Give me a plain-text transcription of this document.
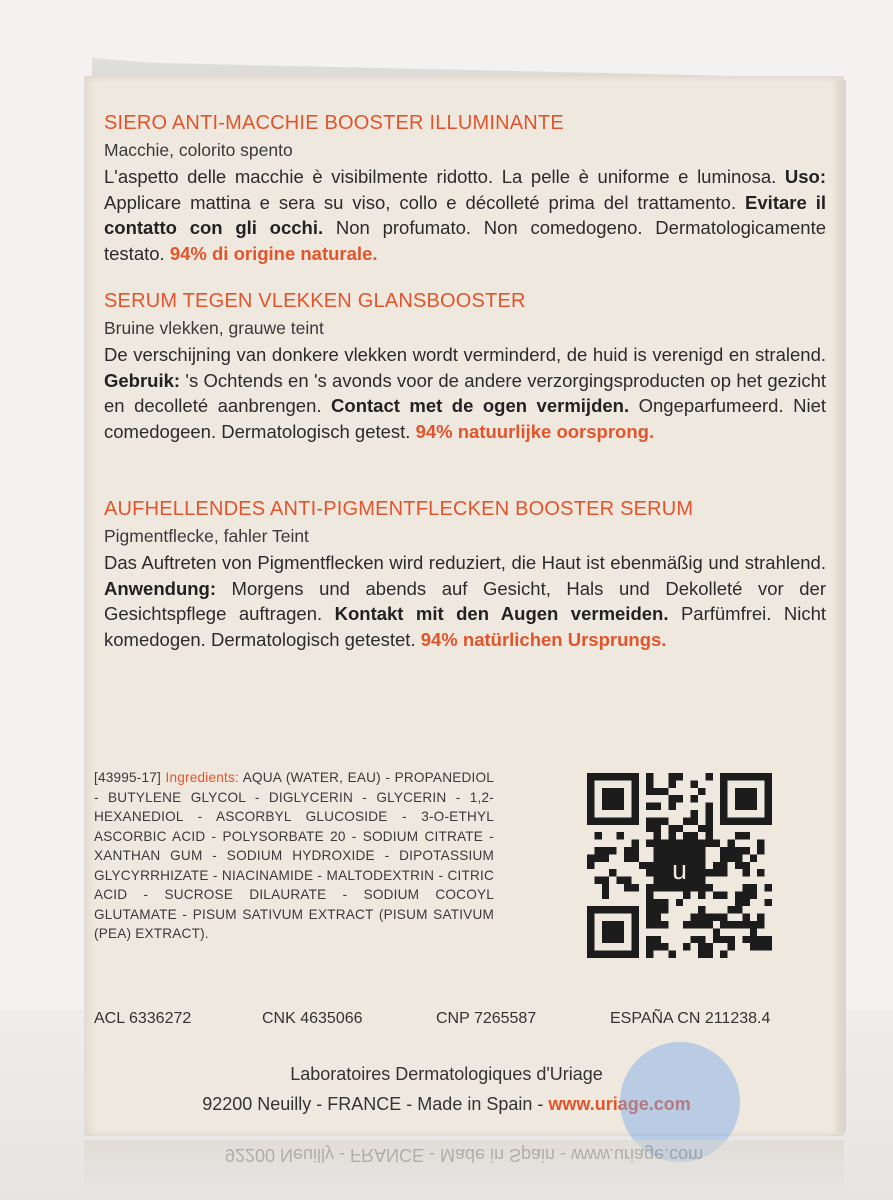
SIERO ANTI-MACCHIE BOOSTER ILLUMINANTE
Macchie, colorito spento

L'aspetto delle macchie è visibilmente ridotto. La pelle è uniforme e luminosa. Uso: Applicare mattina e sera su viso, collo e décolleté prima del trattamento. Evitare il contatto con gli occhi. Non profumato. Non comedogeno. Dermatologicamente testato. 94% di origine naturale.

SERUM TEGEN VLEKKEN GLANSBOOSTER
Bruine vlekken, grauwe teint

De verschijning van donkere vlekken wordt verminderd, de huid is verenigd en stralend. Gebruik: 's Ochtends en 's avonds voor de andere verzorgingsproducten op het gezicht en decolleté aanbrengen. Contact met de ogen vermijden. Ongeparfumeerd. Niet comedogeen. Dermatologisch getest. 94% natuurlijke oorsprong.

AUFHELLENDES ANTI-PIGMENTFLECKEN BOOSTER SERUM
Pigmentflecke, fahler Teint

Das Auftreten von Pigmentflecken wird reduziert, die Haut ist ebenmäßig und strahlend. Anwendung: Morgens und abends auf Gesicht, Hals und Dekolleté vor der Gesichtspflege auftragen. Kontakt mit den Augen vermeiden. Parfümfrei. Nicht komedogen. Dermatologisch getestet. 94% natürlichen Ursprungs.

[43995-17] Ingredients: AQUA (WATER, EAU) - PROPANEDIOL - BUTYLENE GLYCOL - DIGLYCERIN - GLYCERIN - 1,2-HEXANEDIOL - ASCORBYL GLUCOSIDE - 3-O-ETHYL ASCORBIC ACID - POLYSORBATE 20 - SODIUM CITRATE - XANTHAN GUM - SODIUM HYDROXIDE - DIPOTASSIUM GLYCYRRHIZATE - NIACINAMIDE - MALTODEXTRIN - CITRIC ACID - SUCROSE DILAURATE - SODIUM COCOYL GLUTAMATE - PISUM SATIVUM EXTRACT (PISUM SATIVUM (PEA) EXTRACT).
u
ACL 6336272	CNK 4635066	CNP 7265587	ESPAÑA CN 211238.4
Laboratoires Dermatologiques d'Uriage
92200 Neuilly - FRANCE - Made in Spain - www.uriage.com
92200 Neuilly - FRANCE - Made in Spain - www.uriage.com
